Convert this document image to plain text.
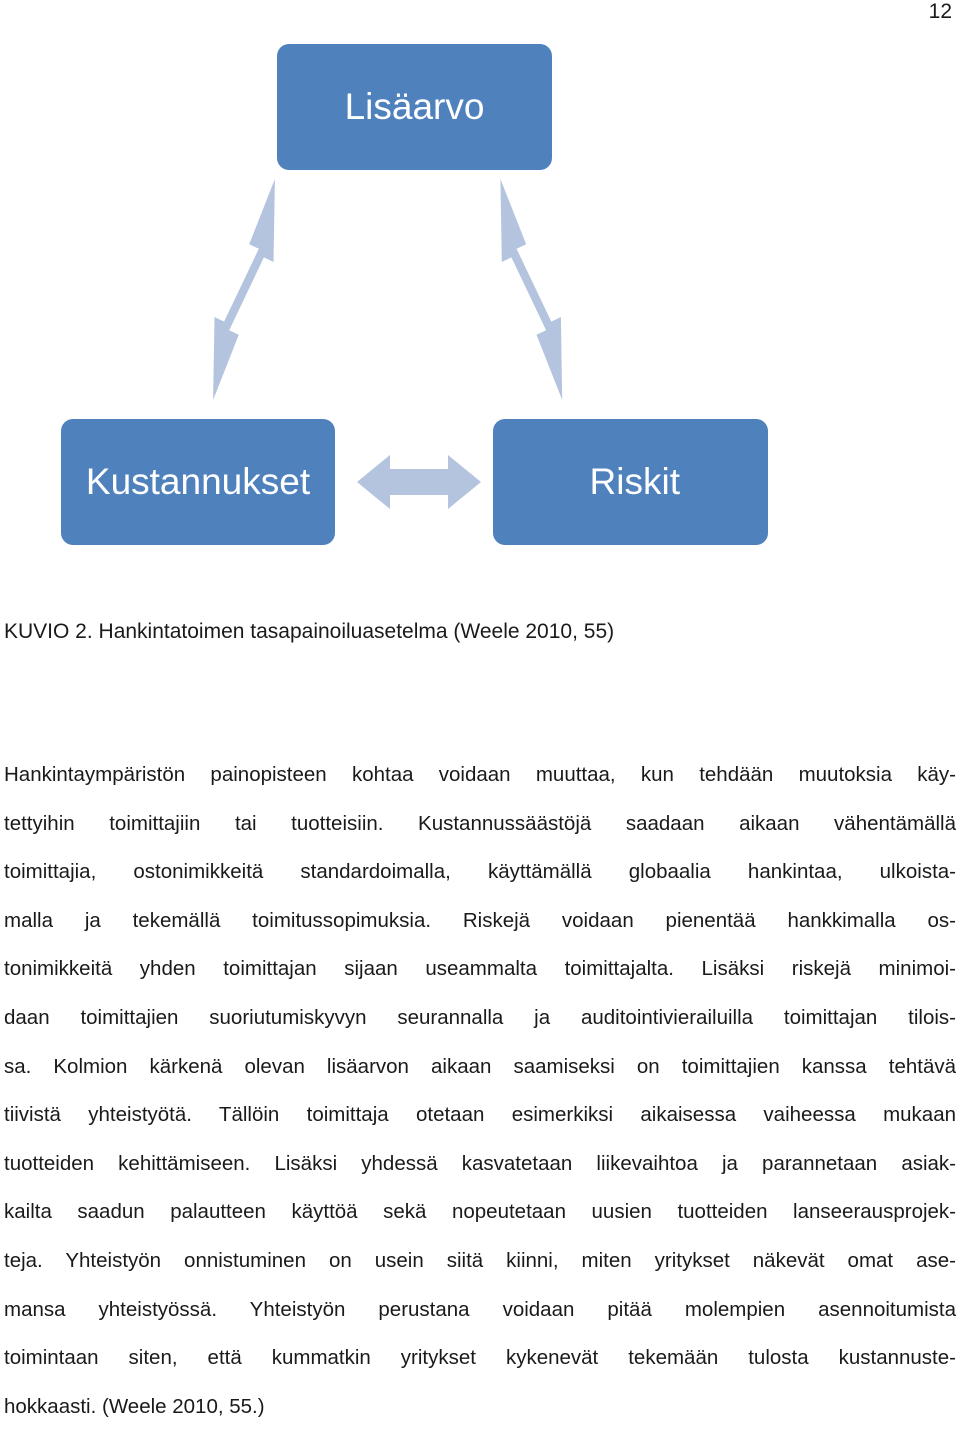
12
Lisäarvo
Kustannukset	Riskit
KUVIO 2. Hankintatoimen tasapainoiluasetelma (Weele 2010, 55)
Hankintaympäristön painopisteen kohtaa voidaan muuttaa, kun tehdään muutoksia käy-
tettyihin toimittajiin tai tuotteisiin. Kustannussäästöjä saadaan aikaan vähentämällä
toimittajia, ostonimikkeitä standardoimalla, käyttämällä globaalia hankintaa, ulkoista-
malla ja tekemällä toimitussopimuksia. Riskejä voidaan pienentää hankkimalla os-
tonimikkeitä yhden toimittajan sijaan useammalta toimittajalta. Lisäksi riskejä minimoi-
daan toimittajien suoriutumiskyvyn seurannalla ja auditointivierailuilla toimittajan tilois-
sa. Kolmion kärkenä olevan lisäarvon aikaan saamiseksi on toimittajien kanssa tehtävä
tiivistä yhteistyötä. Tällöin toimittaja otetaan esimerkiksi aikaisessa vaiheessa mukaan
tuotteiden kehittämiseen. Lisäksi yhdessä kasvatetaan liikevaihtoa ja parannetaan asiak-
kailta saadun palautteen käyttöä sekä nopeutetaan uusien tuotteiden lanseerausprojek-
teja. Yhteistyön onnistuminen on usein siitä kiinni, miten yritykset näkevät omat ase-
mansa yhteistyössä. Yhteistyön perustana voidaan pitää molempien asennoitumista
toimintaan siten, että kummatkin yritykset kykenevät tekemään tulosta kustannuste-
hokkaasti. (Weele 2010, 55.)
